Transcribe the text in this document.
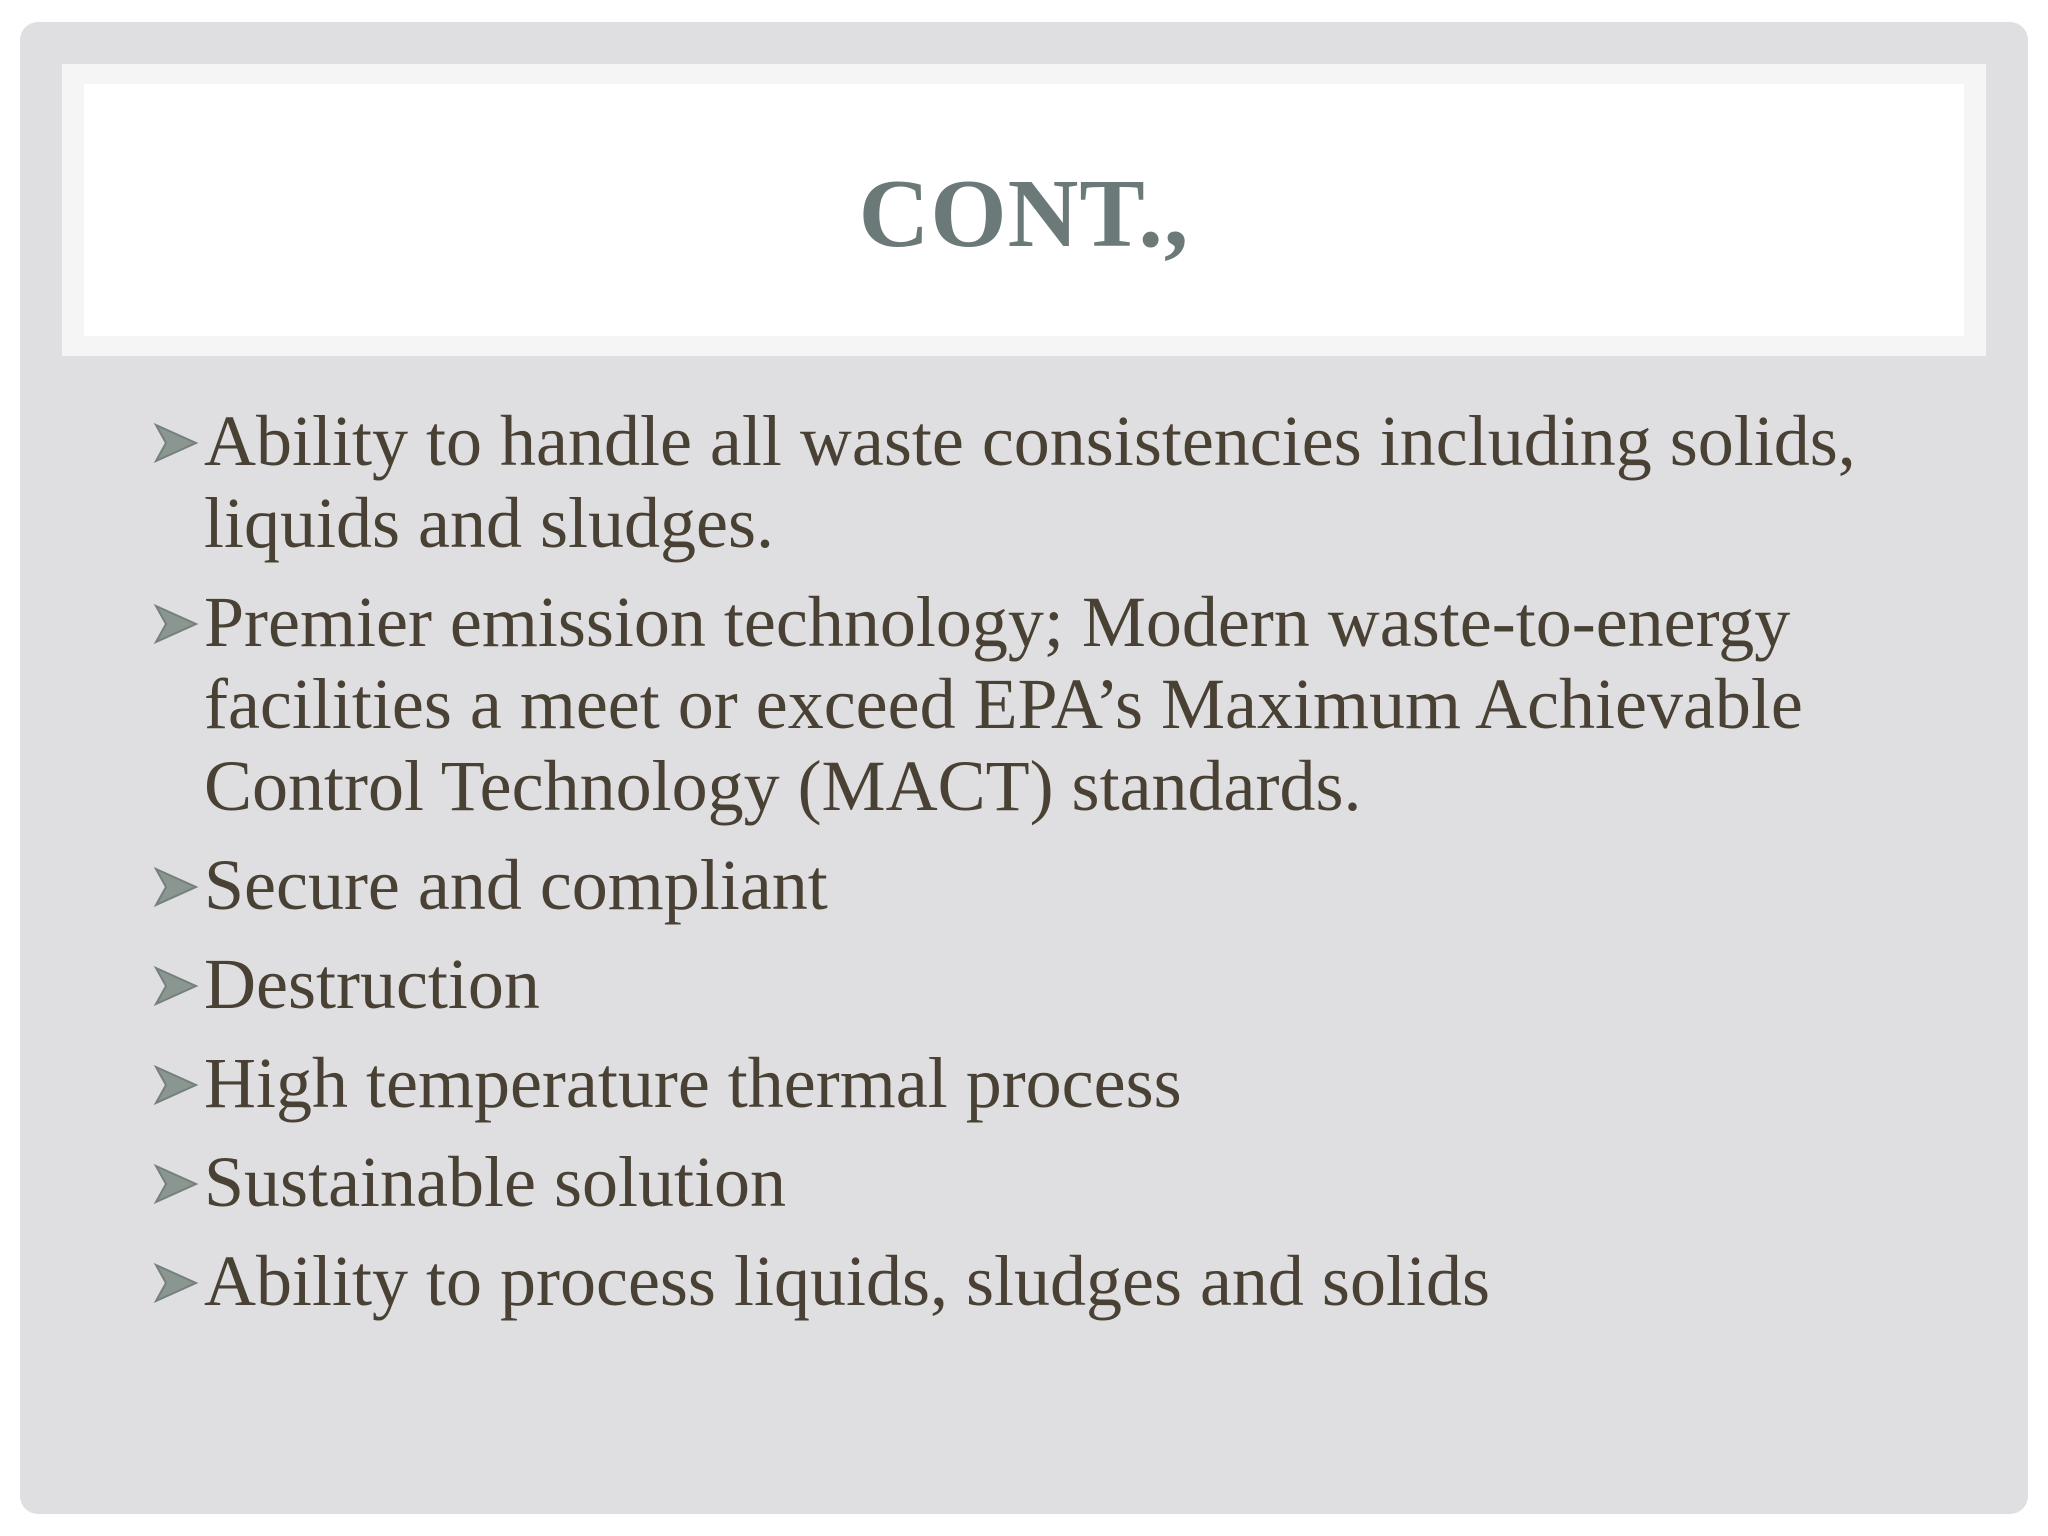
CONT.,
Ability to handle all waste consistencies including solids, liquids and sludges.
Premier emission technology; Modern waste-to-energy facilities a meet or exceed EPA’s Maximum Achievable Control Technology (MACT) standards.
Secure and compliant
Destruction
High temperature thermal process
Sustainable solution
Ability to process liquids, sludges and solids
